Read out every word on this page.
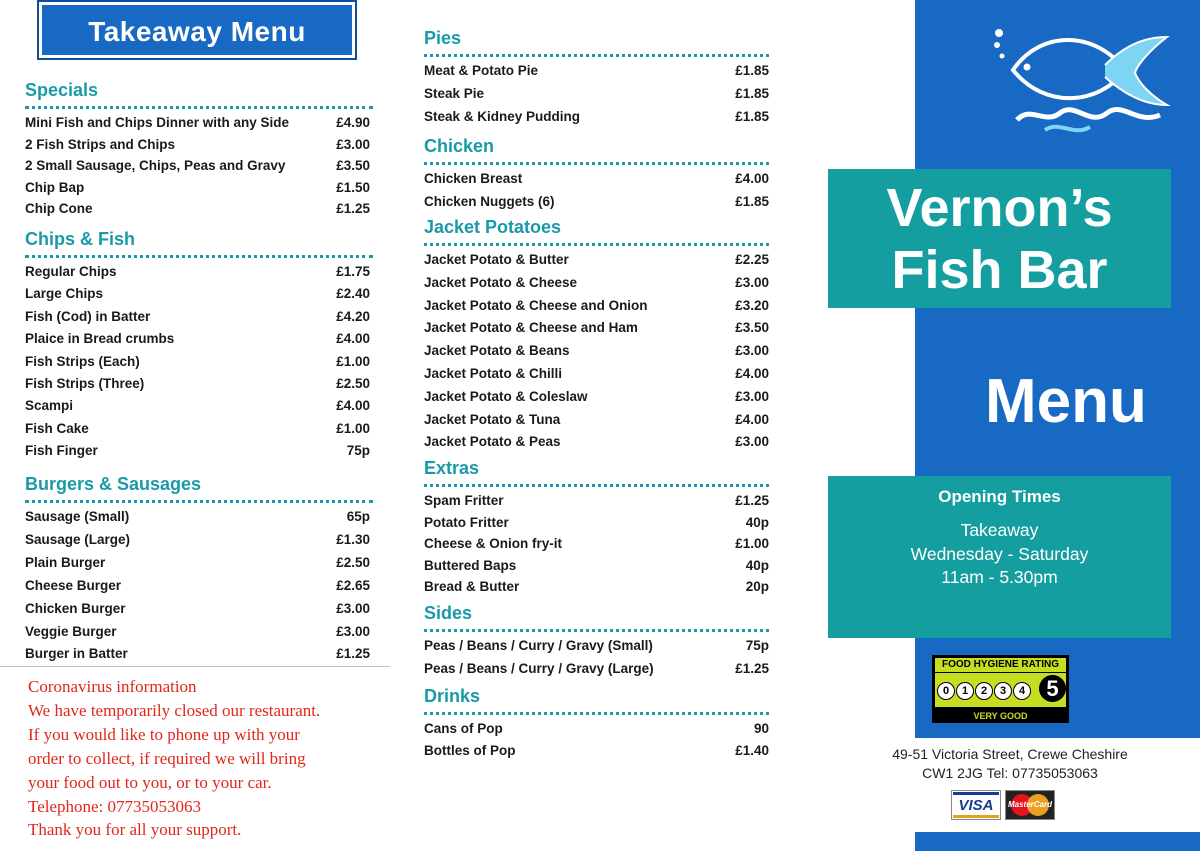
Takeaway Menu
Specials
Mini Fish and Chips Dinner with any Side	£4.90
2 Fish Strips and Chips	£3.00
2 Small Sausage, Chips, Peas and Gravy	£3.50
Chip Bap	£1.50
Chip Cone	£1.25
Chips & Fish
Regular Chips	£1.75
Large Chips	£2.40
Fish (Cod) in Batter	£4.20
Plaice in Bread crumbs	£4.00
Fish Strips (Each)	£1.00
Fish Strips (Three)	£2.50
Scampi	£4.00
Fish Cake	£1.00
Fish Finger	75p
Burgers & Sausages
Sausage (Small)	65p
Sausage (Large)	£1.30
Plain Burger	£2.50
Cheese Burger	£2.65
Chicken Burger	£3.00
Veggie Burger	£3.00
Burger in Batter	£1.25
Coronavirus information
We have temporarily closed our restaurant.
If you would like to phone up with your
order to collect, if required we will bring
your food out to you, or to your car.
Telephone: 07735053063
Thank you for all your support.
Pies
Meat & Potato Pie	£1.85
Steak Pie	£1.85
Steak & Kidney Pudding	£1.85
Chicken
Chicken Breast	£4.00
Chicken Nuggets (6)	£1.85
Jacket Potatoes
Jacket Potato & Butter	£2.25
Jacket Potato & Cheese	£3.00
Jacket Potato & Cheese and Onion	£3.20
Jacket Potato & Cheese and Ham	£3.50
Jacket Potato & Beans	£3.00
Jacket Potato & Chilli	£4.00
Jacket Potato & Coleslaw	£3.00
Jacket Potato & Tuna	£4.00
Jacket Potato & Peas	£3.00
Extras
Spam Fritter	£1.25
Potato Fritter	40p
Cheese & Onion fry-it	£1.00
Buttered Baps	40p
Bread & Butter	20p
Sides
Peas / Beans / Curry / Gravy (Small)	75p
Peas / Beans / Curry / Gravy (Large)	£1.25
Drinks
Cans of Pop	90
Bottles of Pop	£1.40
Vernon’s
Fish Bar
Menu
Opening Times
Takeaway
Wednesday - Saturday
11am - 5.30pm
FOOD HYGIENE RATING
0	1	2	3	4 5
VERY GOOD
49-51 Victoria Street, Crewe Cheshire
CW1 2JG Tel: 07735053063
VISA	MasterCard
